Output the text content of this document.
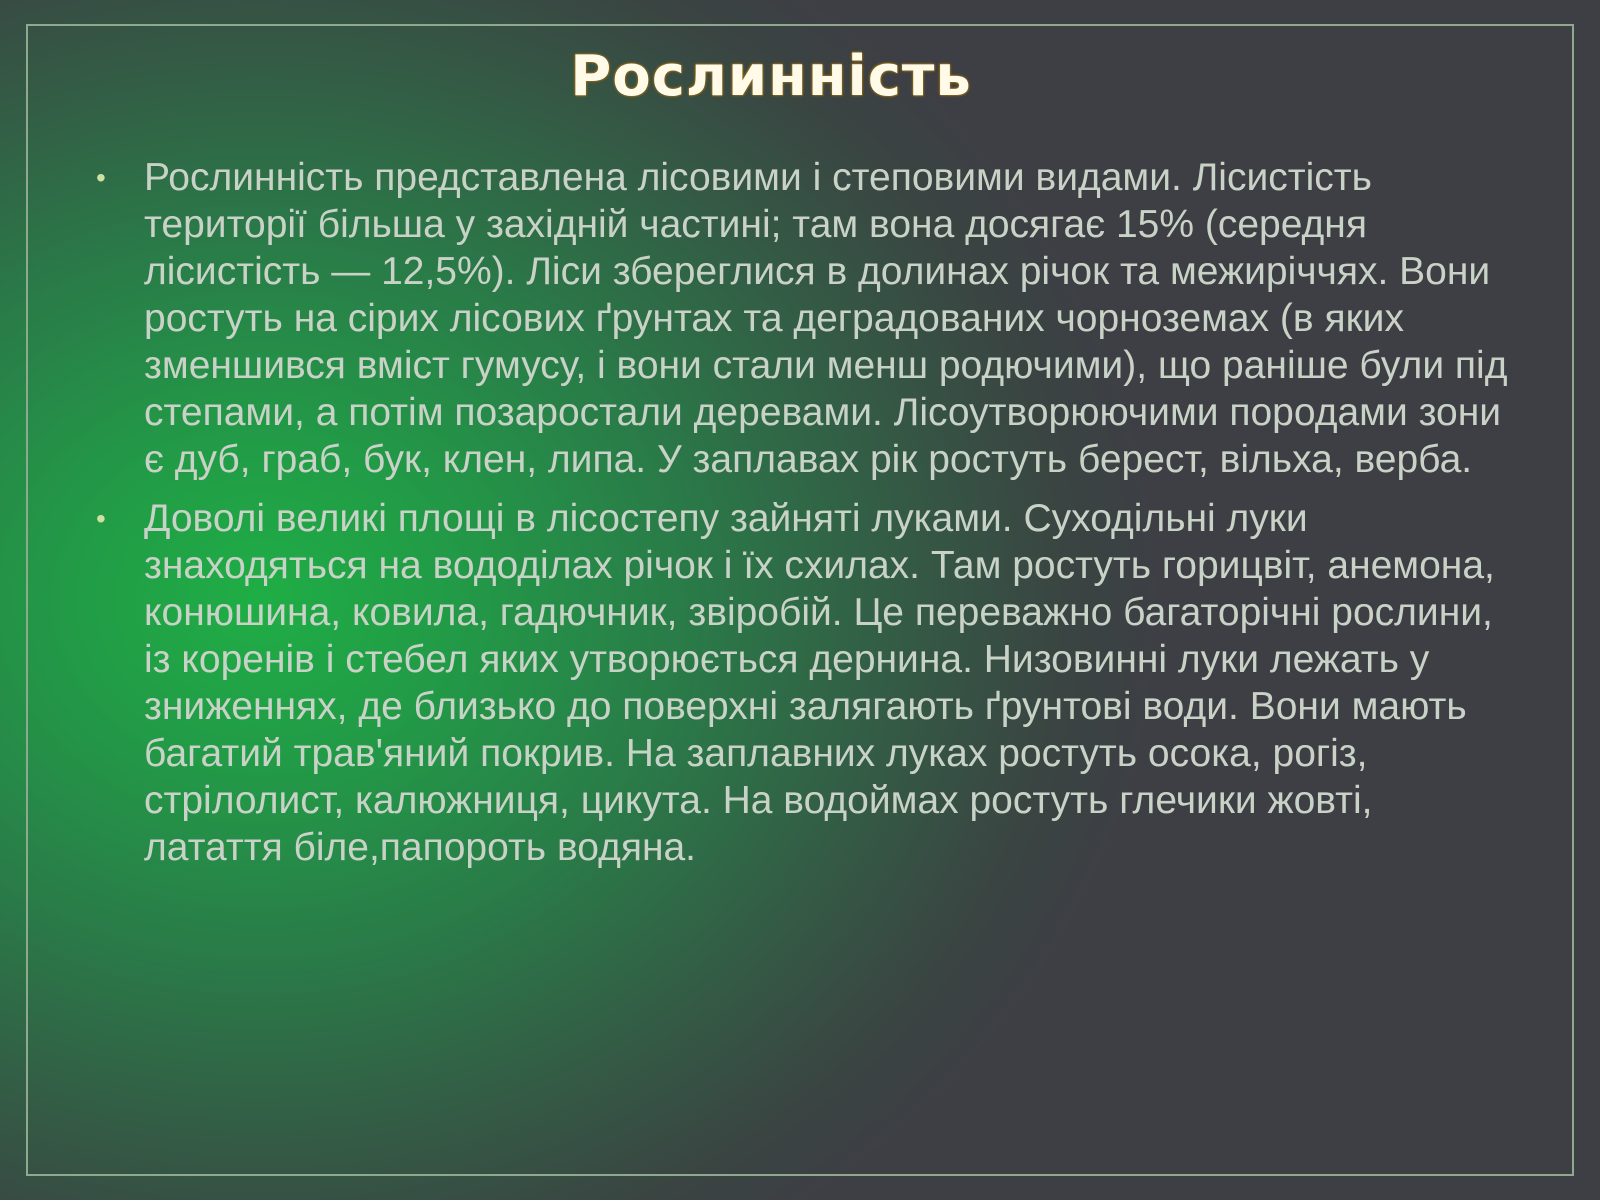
Рослинність
• Рослинність представлена лісовими і степовими видами. Лісистість території більша у західній частині; там вона досягає 15% (середня лісистість — 12,5%). Ліси збереглися в долинах річок та межиріччях. Вони ростуть на сірих лісових ґрунтах та деградованих чорноземах (в яких зменшився вміст гумусу, і вони стали менш родючими), що раніше були під степами, а потім позаростали деревами. Лісоутворюючими породами зони є дуб, граб, бук, клен, липа. У заплавах рік ростуть берест, вільха, верба.
• Доволі великі площі в лісостепу зайняті луками. Суходільні луки знаходяться на вододілах річок і їх схилах. Там ростуть горицвіт, анемона, конюшина, ковила, гадючник, звіробій. Це переважно багаторічні рослини, із коренів і стебел яких утворюється дернина. Низовинні луки лежать у зниженнях, де близько до поверхні залягають ґрунтові води. Вони мають багатий трав'яний покрив. На заплавних луках ростуть осока, рогіз, стрілолист, калюжниця, цикута. На водоймах ростуть глечики жовті, латаття біле,папороть водяна.
